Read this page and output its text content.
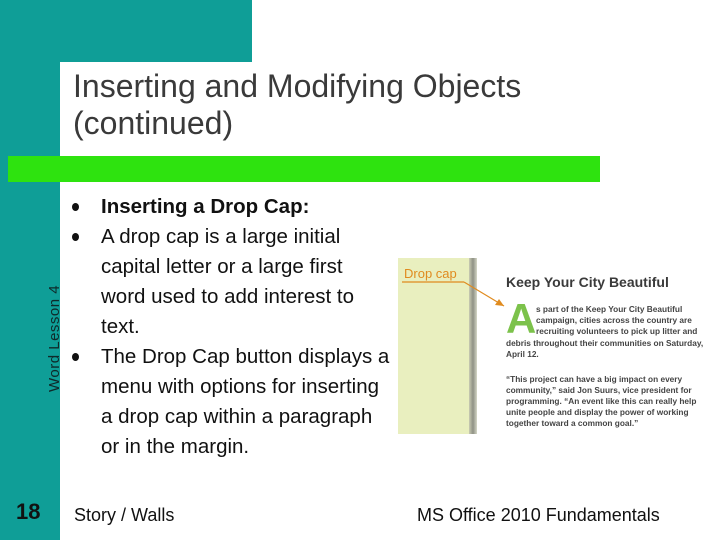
Inserting and Modifying Objects
(continued)
Word Lesson 4
Inserting a Drop Cap:
A drop cap is a large initial capital letter or a large first word used to add interest to text.
The Drop Cap button displays a menu with options for inserting a drop cap within a paragraph or in the margin.
Drop cap
Keep Your City Beautiful
A s part of the Keep Your City Beautiful
campaign, cities across the country are
recruiting volunteers to pick up litter and
debris throughout their communities on Saturday,
April 12.
“This project can have a big impact on every
community,” said Jon Suurs, vice president for
programming. “An event like this can really help
unite people and display the power of working
together toward a common goal.”
18 Story / Walls	MS Office 2010 Fundamentals
